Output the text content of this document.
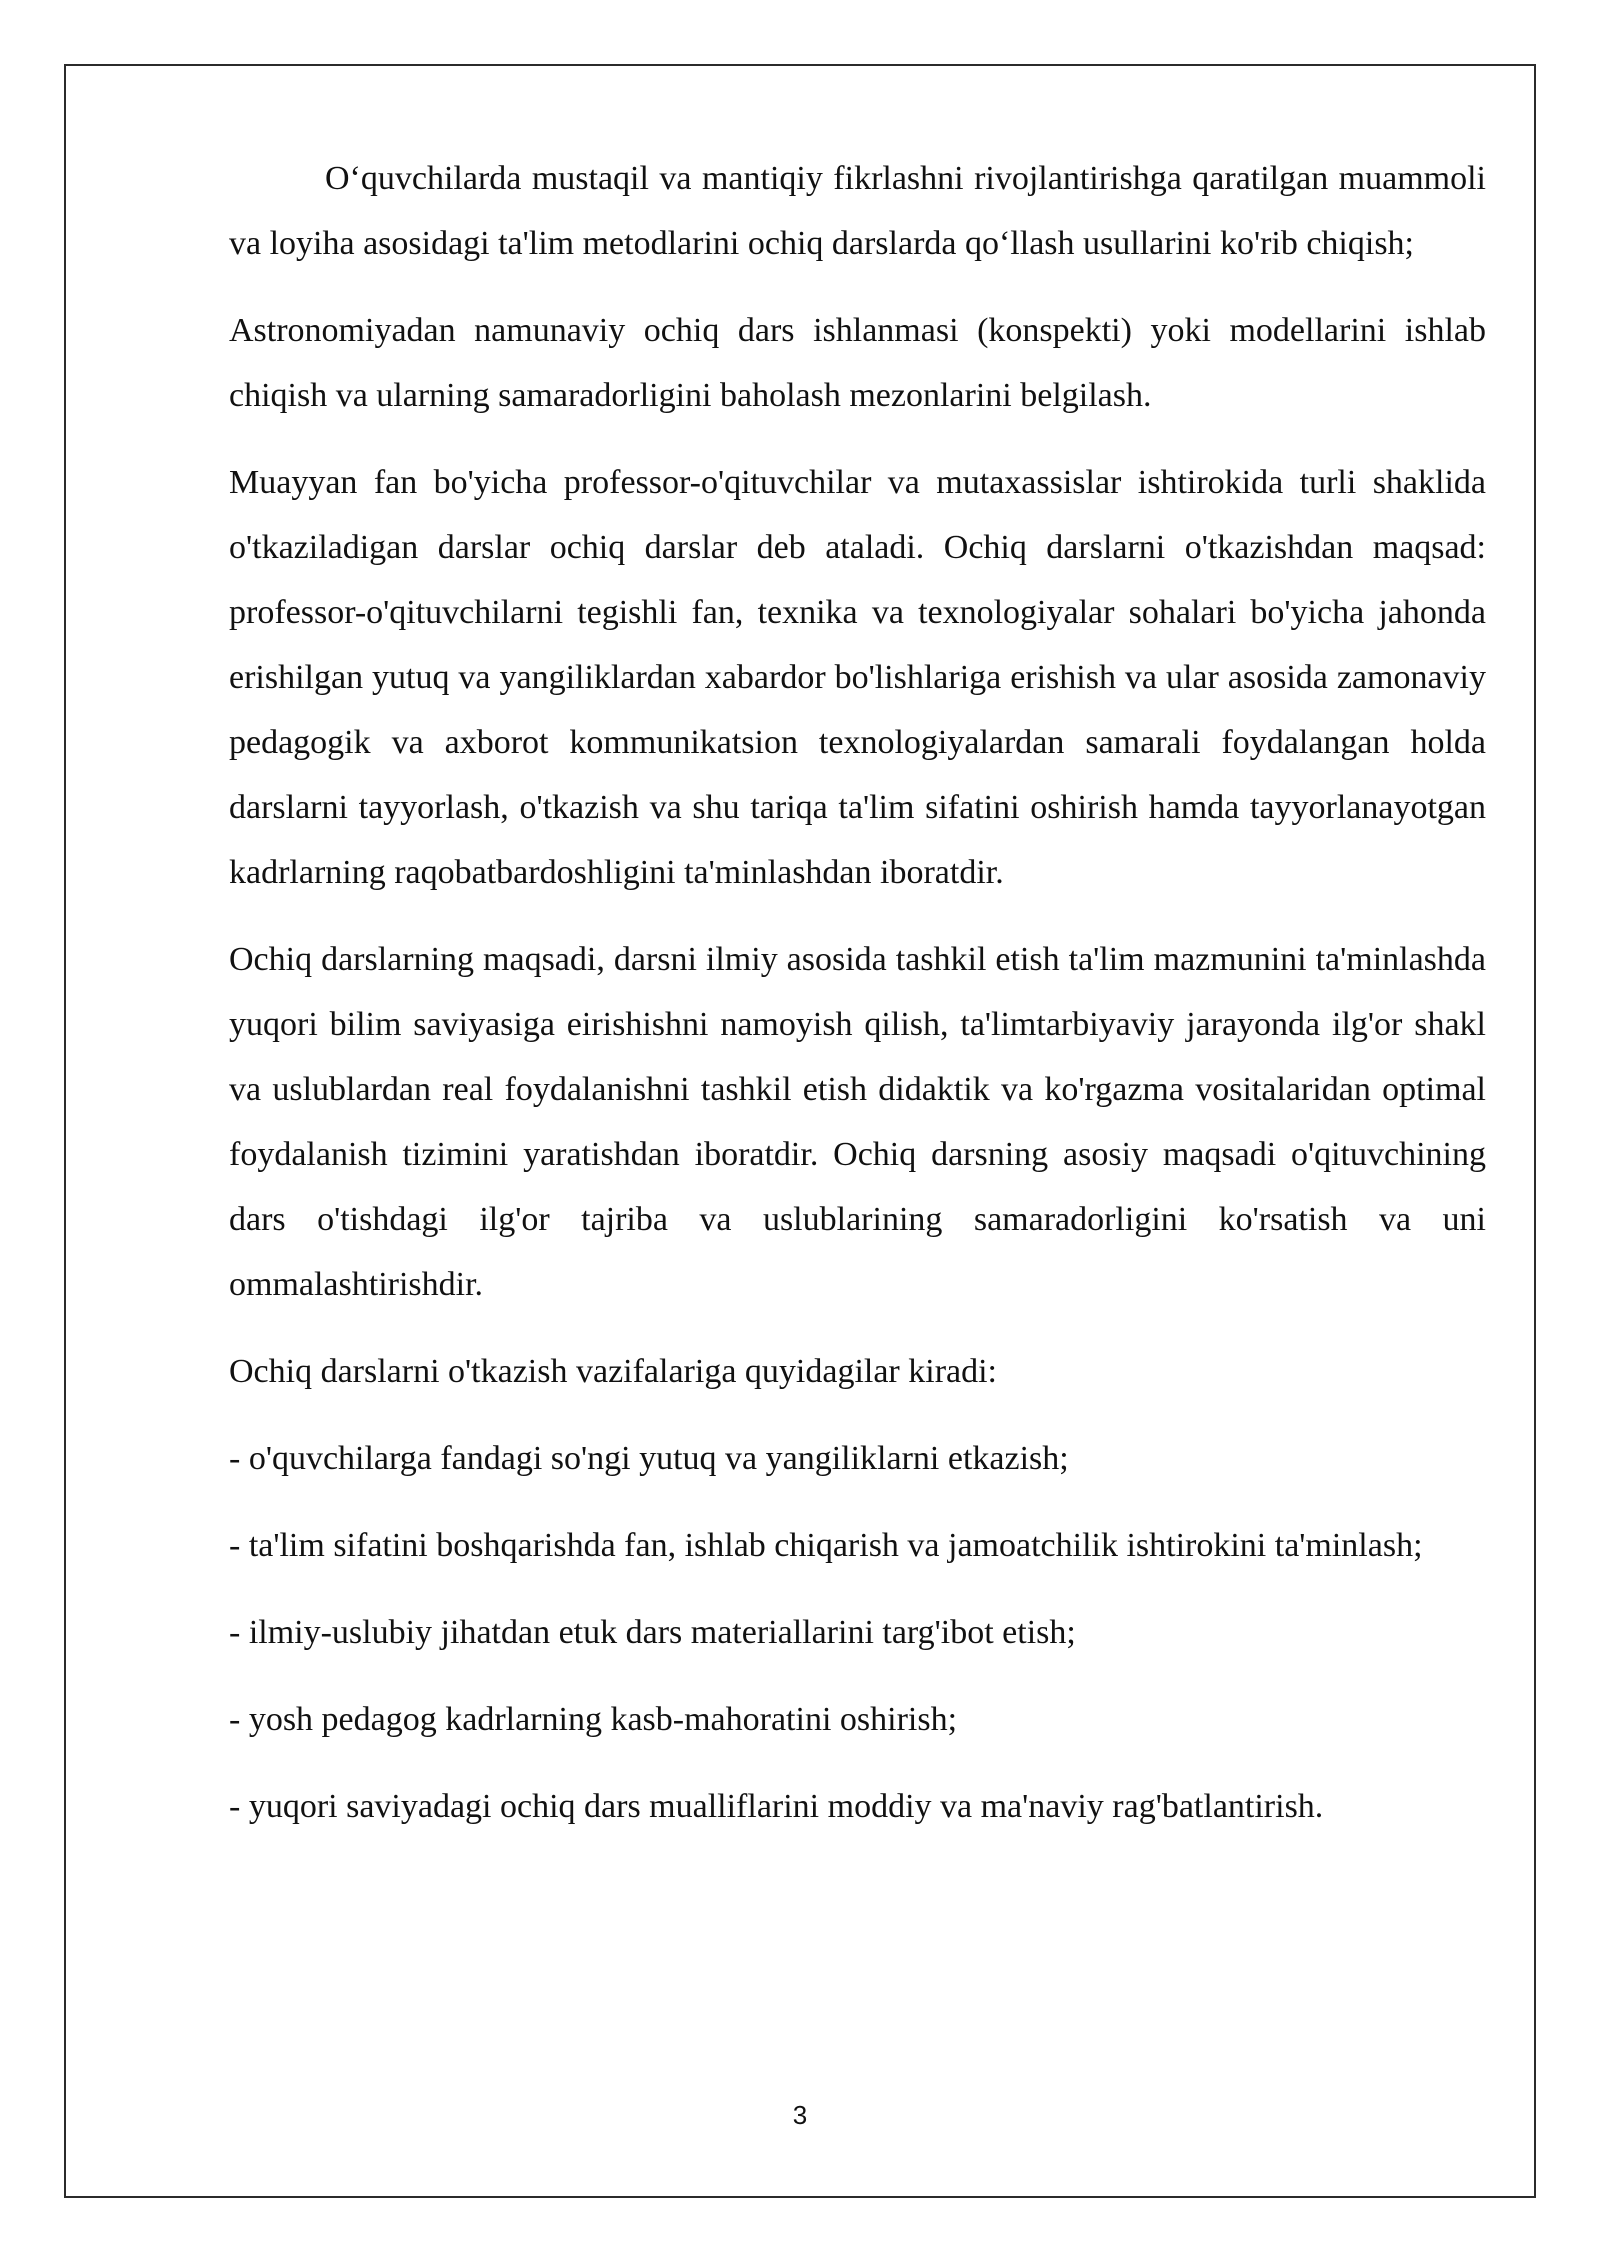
O‘quvchilarda mustaqil va mantiqiy fikrlashni rivojlantirishga qaratilgan muammoli va loyiha asosidagi ta'lim metodlarini ochiq darslarda qo‘llash usullarini ko'rib chiqish;

Astronomiyadan namunaviy ochiq dars ishlanmasi (konspekti) yoki modellarini ishlab chiqish va ularning samaradorligini baholash mezonlarini belgilash.

Muayyan fan bo'yicha professor-o'qituvchilar va mutaxassislar ishtirokida turli shaklida o'tkaziladigan darslar ochiq darslar deb ataladi. Ochiq darslarni o'tkazishdan maqsad: professor-o'qituvchilarni tegishli fan, texnika va texnologiyalar sohalari bo'yicha jahonda erishilgan yutuq va yangiliklardan xabardor bo'lishlariga erishish va ular asosida zamonaviy pedagogik va axborot kommunikatsion texnologiyalardan samarali foydalangan holda darslarni tayyorlash, o'tkazish va shu tariqa ta'lim sifatini oshirish hamda tayyorlanayotgan kadrlarning raqobatbardoshligini ta'minlashdan iboratdir.

Ochiq darslarning maqsadi, darsni ilmiy asosida tashkil etish ta'lim mazmunini ta'minlashda yuqori bilim saviyasiga eirishishni namoyish qilish, ta'limtarbiyaviy jarayonda ilg'or shakl va uslublardan real foydalanishni tashkil etish didaktik va ko'rgazma vositalaridan optimal foydalanish tizimini yaratishdan iboratdir. Ochiq darsning asosiy maqsadi o'qituvchining dars o'tishdagi ilg'or tajriba va uslublarining samaradorligini ko'rsatish va uni ommalashtirishdir.

Ochiq darslarni o'tkazish vazifalariga quyidagilar kiradi:

- o'quvchilarga fandagi so'ngi yutuq va yangiliklarni etkazish;

- ta'lim sifatini boshqarishda fan, ishlab chiqarish va jamoatchilik ishtirokini ta'minlash;

- ilmiy-uslubiy jihatdan etuk dars materiallarini targ'ibot etish;

- yosh pedagog kadrlarning kasb-mahoratini oshirish;

- yuqori saviyadagi ochiq dars mualliflarini moddiy va ma'naviy rag'batlantirish.

3
